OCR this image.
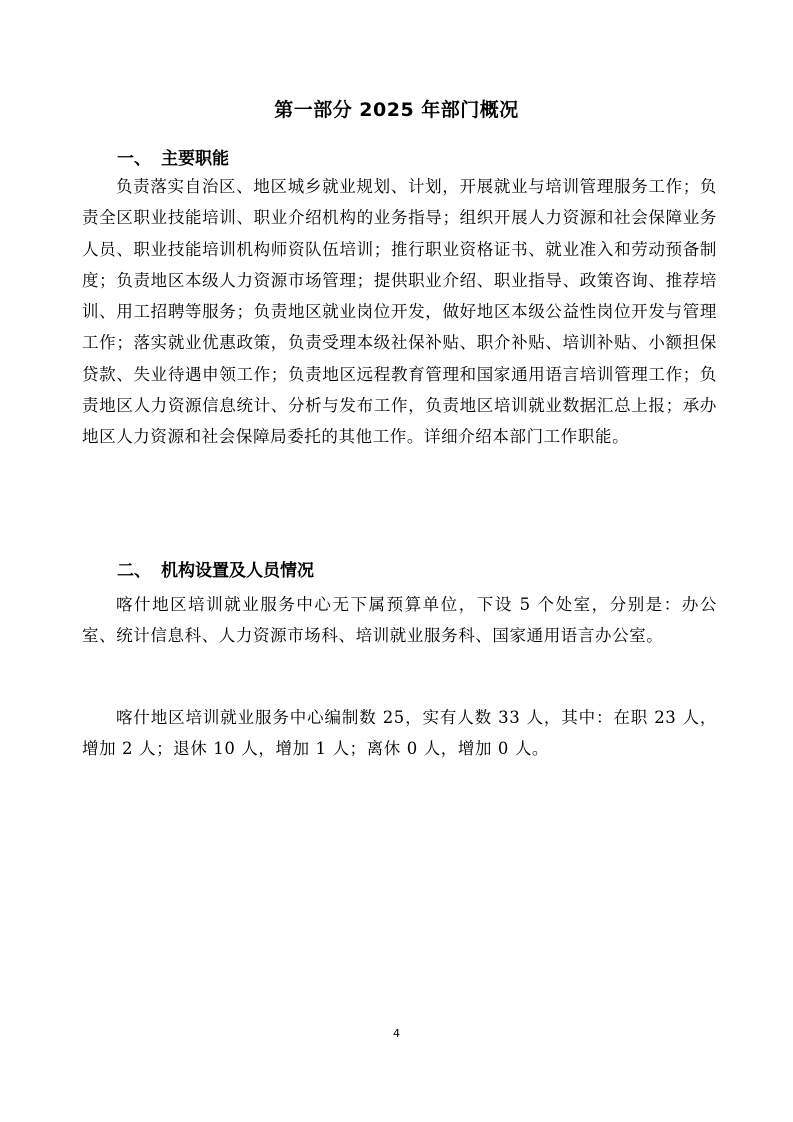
第一部分 2025 年部门概况
一、 主要职能

负责落实自治区、地区城乡就业规划、计划，开展就业与培训管理服务工作；负责全区职业技能培训、职业介绍机构的业务指导；组织开展人力资源和社会保障业务人员、职业技能培训机构师资队伍培训；推行职业资格证书、就业准入和劳动预备制度；负责地区本级人力资源市场管理；提供职业介绍、职业指导、政策咨询、推荐培训、用工招聘等服务；负责地区就业岗位开发，做好地区本级公益性岗位开发与管理工作；落实就业优惠政策，负责受理本级社保补贴、职介补贴、培训补贴、小额担保贷款、失业待遇申领工作；负责地区远程教育管理和国家通用语言培训管理工作；负责地区人力资源信息统计、分析与发布工作，负责地区培训就业数据汇总上报；承办地区人力资源和社会保障局委托的其他工作。详细介绍本部门工作职能。

二、 机构设置及人员情况

喀什地区培训就业服务中心无下属预算单位，下设 5 个处室，分别是：办公室、统计信息科、人力资源市场科、培训就业服务科、国家通用语言办公室。

喀什地区培训就业服务中心编制数 25，实有人数 33 人，其中：在职 23 人，增加 2 人；退休 10 人，增加 1 人；离休 0 人，增加 0 人。

4
